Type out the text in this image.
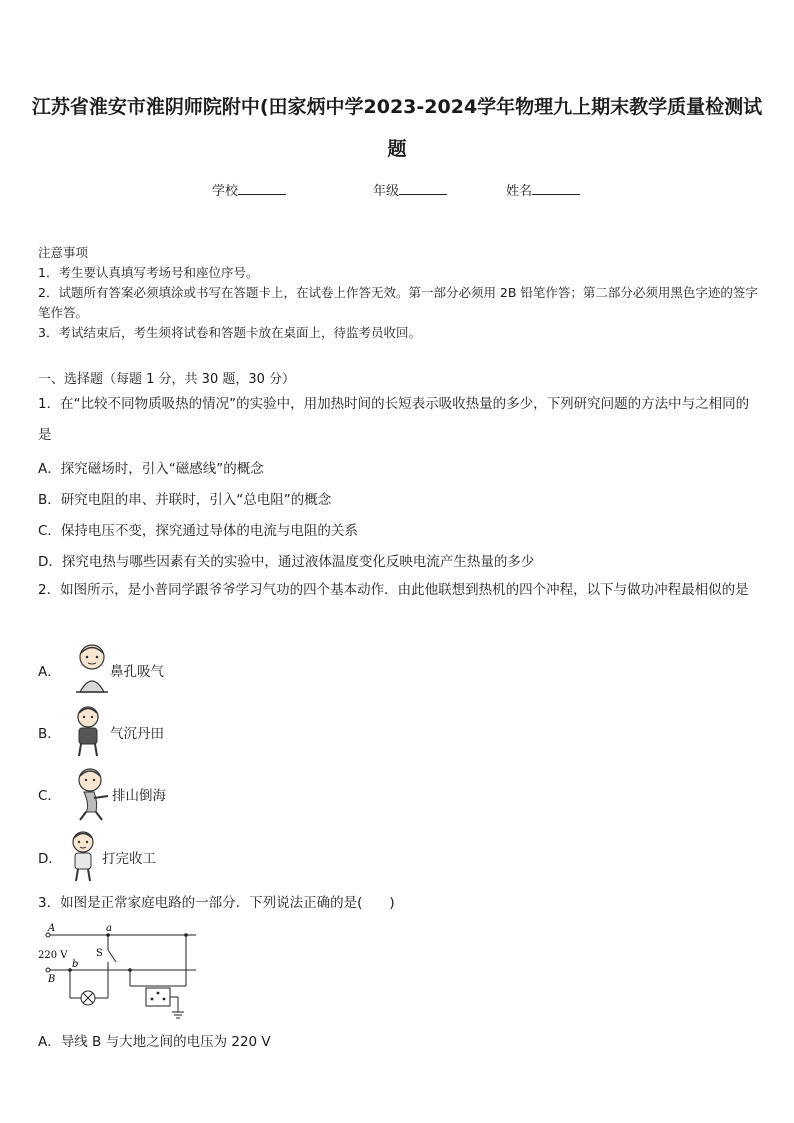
江苏省淮安市淮阴师院附中(田家炳中学2023-2024学年物理九上期末教学质量检测试题
学校	年级	姓名
注意事项
1．考生要认真填写考场号和座位序号。
2．试题所有答案必须填涂或书写在答题卡上，在试卷上作答无效。第一部分必须用 2B 铅笔作答；第二部分必须用黑色字迹的签字笔作答。
3．考试结束后，考生须将试卷和答题卡放在桌面上，待监考员收回。
一、选择题（每题 1 分，共 30 题，30 分）
1．在“比较不同物质吸热的情况”的实验中，用加热时间的长短表示吸收热量的多少，下列研究问题的方法中与之相同的是
A．探究磁场时，引入“磁感线”的概念
B．研究电阻的串、并联时，引入“总电阻”的概念
C．保持电压不变，探究通过导体的电流与电阻的关系
D．探究电热与哪些因素有关的实验中，通过液体温度变化反映电流产生热量的多少
2．如图所示，是小普同学跟爷爷学习气功的四个基本动作．由此他联想到热机的四个冲程，以下与做功冲程最相似的是
A．	鼻孔吸气
B．	气沉丹田
C．	排山倒海
D．	打完收工
3．如图是正常家庭电路的一部分．下列说法正确的是(　　)
A
220 V
B
a
b
S
A．导线 B 与大地之间的电压为 220 V
